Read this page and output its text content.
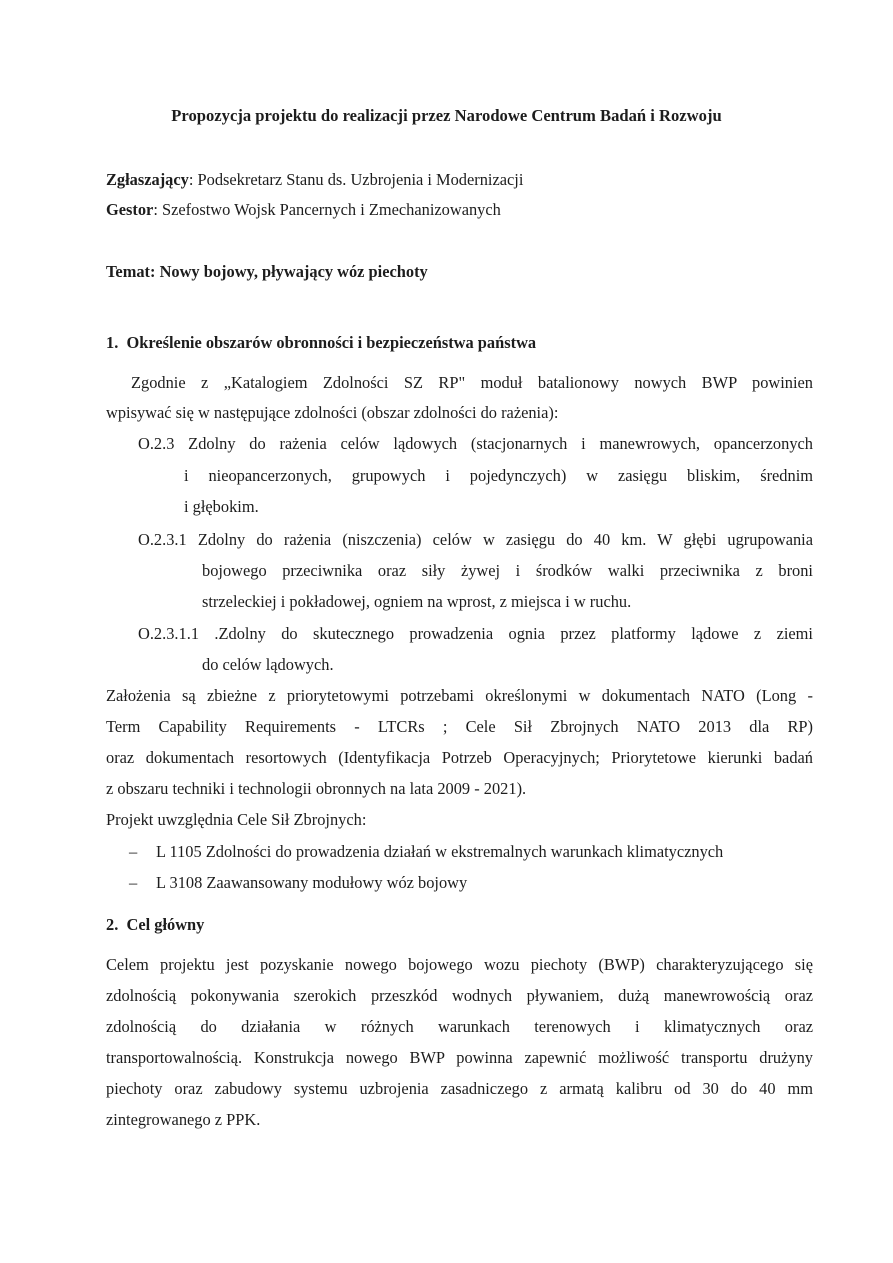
Propozycja projektu do realizacji przez Narodowe Centrum Badań i Rozwoju
Zgłaszający: Podsekretarz Stanu ds. Uzbrojenia i Modernizacji
Gestor: Szefostwo Wojsk Pancernych i Zmechanizowanych
Temat: Nowy bojowy, pływający wóz piechoty
1.  Określenie obszarów obronności i bezpieczeństwa państwa
Zgodnie z „Katalogiem Zdolności SZ RP" moduł batalionowy nowych BWP powinien
wpisywać się w następujące zdolności (obszar zdolności do rażenia):
O.2.3 Zdolny do rażenia celów lądowych (stacjonarnych i manewrowych, opancerzonych
i nieopancerzonych, grupowych i pojedynczych) w zasięgu bliskim, średnim
i głębokim.
O.2.3.1 Zdolny do rażenia (niszczenia) celów w zasięgu do 40 km. W głębi ugrupowania
bojowego przeciwnika oraz siły żywej i środków walki przeciwnika z broni
strzeleckiej i pokładowej, ogniem na wprost, z miejsca i w ruchu.
O.2.3.1.1 .Zdolny do skutecznego prowadzenia ognia przez platformy lądowe z ziemi
do celów lądowych.
Założenia są zbieżne z priorytetowymi potrzebami określonymi w dokumentach NATO (Long -
Term Capability Requirements - LTCRs ; Cele Sił Zbrojnych NATO 2013 dla RP)
oraz dokumentach resortowych (Identyfikacja Potrzeb Operacyjnych; Priorytetowe kierunki badań
z obszaru techniki i technologii obronnych na lata 2009 - 2021).
Projekt uwzględnia Cele Sił Zbrojnych:
– L 1105 Zdolności do prowadzenia działań w ekstremalnych warunkach klimatycznych
– L 3108 Zaawansowany modułowy wóz bojowy
2.  Cel główny
Celem projektu jest pozyskanie nowego bojowego wozu piechoty (BWP) charakteryzującego się
zdolnością pokonywania szerokich przeszkód wodnych pływaniem, dużą manewrowością oraz
zdolnością do działania w różnych warunkach terenowych i klimatycznych oraz
transportowalnością. Konstrukcja nowego BWP powinna zapewnić możliwość transportu drużyny
piechoty oraz zabudowy systemu uzbrojenia zasadniczego z armatą kalibru od 30 do 40 mm
zintegrowanego z PPK.
